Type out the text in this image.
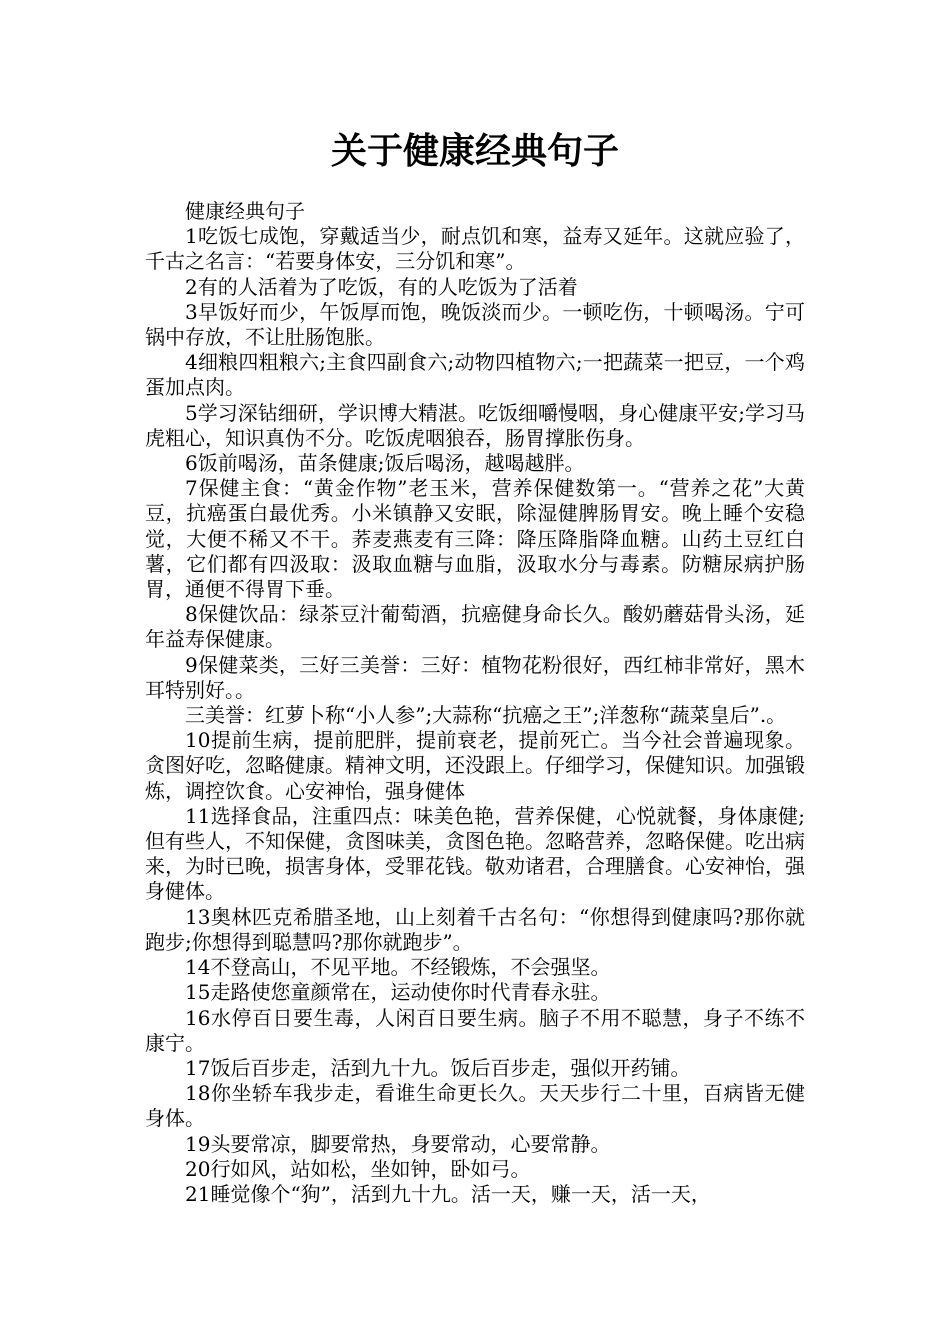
关于健康经典句子

健康经典句子

1吃饭七成饱，穿戴适当少，耐点饥和寒，益寿又延年。这就应验了，千古之名言：“若要身体安，三分饥和寒”。

2有的人活着为了吃饭，有的人吃饭为了活着

3早饭好而少，午饭厚而饱，晚饭淡而少。一顿吃伤，十顿喝汤。宁可锅中存放，不让肚肠饱胀。

4细粮四粗粮六;主食四副食六;动物四植物六;一把蔬菜一把豆，一个鸡蛋加点肉。

5学习深钻细研，学识博大精湛。吃饭细嚼慢咽，身心健康平安;学习马虎粗心，知识真伪不分。吃饭虎咽狼吞，肠胃撑胀伤身。

6饭前喝汤，苗条健康;饭后喝汤，越喝越胖。

7保健主食：“黄金作物”老玉米，营养保健数第一。“营养之花”大黄豆，抗癌蛋白最优秀。小米镇静又安眠，除湿健脾肠胃安。晚上睡个安稳觉，大便不稀又不干。荞麦燕麦有三降：降压降脂降血糖。山药土豆红白薯，它们都有四汲取：汲取血糖与血脂，汲取水分与毒素。防糖尿病护肠胃，通便不得胃下垂。

8保健饮品：绿茶豆汁葡萄酒，抗癌健身命长久。酸奶蘑菇骨头汤，延年益寿保健康。

9保健菜类，三好三美誉：三好：植物花粉很好，西红柿非常好，黑木耳特别好。。

三美誉：红萝卜称“小人参”;大蒜称“抗癌之王”;洋葱称“蔬菜皇后”.。

10提前生病，提前肥胖，提前衰老，提前死亡。当今社会普遍现象。贪图好吃，忽略健康。精神文明，还没跟上。仔细学习，保健知识。加强锻炼，调控饮食。心安神怡，强身健体

11选择食品，注重四点：味美色艳，营养保健，心悦就餐，身体康健;但有些人，不知保健，贪图味美，贪图色艳。忽略营养，忽略保健。吃出病来，为时已晚，损害身体，受罪花钱。敬劝诸君，合理膳食。心安神怡，强身健体。

13奥林匹克希腊圣地，山上刻着千古名句：“你想得到健康吗?那你就跑步;你想得到聪慧吗?那你就跑步”。

14不登高山，不见平地。不经锻炼，不会强坚。

15走路使您童颜常在，运动使你时代青春永驻。

16水停百日要生毒，人闲百日要生病。脑子不用不聪慧，身子不练不康宁。

17饭后百步走，活到九十九。饭后百步走，强似开药铺。

18你坐轿车我步走，看谁生命更长久。天天步行二十里，百病皆无健身体。

19头要常凉，脚要常热，身要常动，心要常静。

20行如风，站如松，坐如钟，卧如弓。

21睡觉像个“狗”，活到九十九。活一天，赚一天，活一天，
